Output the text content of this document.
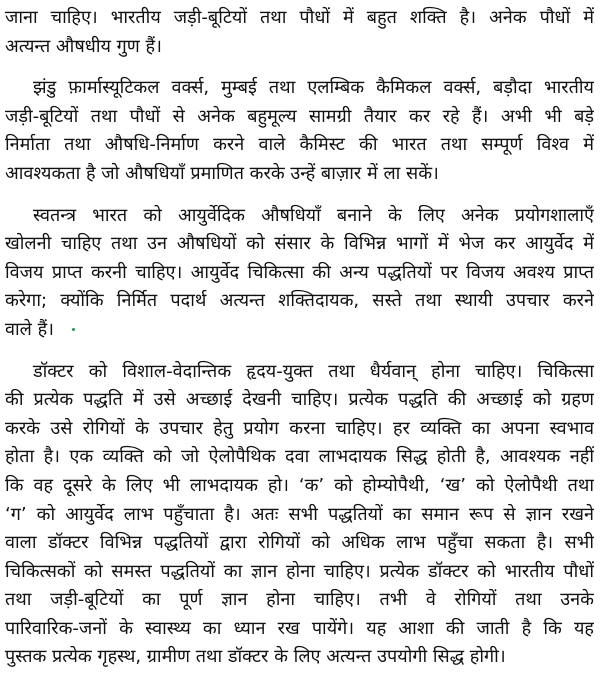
जाना चाहिए। भारतीय जड़ी-बूटियों तथा पौधों में बहुत शक्ति है। अनेक पौधों में
अत्यन्त औषधीय गुण हैं।
झंडु फ़ार्मास्यूटिकल वर्क्स, मुम्बई तथा एलम्बिक कैमिकल वर्क्स, बड़ौदा भारतीय
जड़ी-बूटियों तथा पौधों से अनेक बहुमूल्य सामग्री तैयार कर रहे हैं। अभी भी बड़े
निर्माता तथा औषधि-निर्माण करने वाले कैमिस्ट की भारत तथा सम्पूर्ण विश्व में
आवश्यकता है जो औषधियाँ प्रमाणित करके उन्हें बाज़ार में ला सकें।
स्वतन्त्र भारत को आयुर्वेदिक औषधियाँ बनाने के लिए अनेक प्रयोगशालाएँ
खोलनी चाहिए तथा उन औषधियों को संसार के विभिन्न भागों में भेज कर आयुर्वेद में
विजय प्राप्त करनी चाहिए। आयुर्वेद चिकित्सा की अन्य पद्धतियों पर विजय अवश्य प्राप्त
करेगा; क्योंकि निर्मित पदार्थ अत्यन्त शक्तिदायक, सस्ते तथा स्थायी उपचार करने
वाले हैं।
डॉक्टर को विशाल-वेदान्तिक हृदय-युक्त तथा धैर्यवान् होना चाहिए। चिकित्सा
की प्रत्येक पद्धति में उसे अच्छाई देखनी चाहिए। प्रत्येक पद्धति की अच्छाई को ग्रहण
करके उसे रोगियों के उपचार हेतु प्रयोग करना चाहिए। हर व्यक्ति का अपना स्वभाव
होता है। एक व्यक्ति को जो ऐलोपैथिक दवा लाभदायक सिद्ध होती है, आवश्यक नहीं
कि वह दूसरे के लिए भी लाभदायक हो। ‘क’ को होम्योपैथी, ‘ख’ को ऐलोपैथी तथा
‘ग’ को आयुर्वेद लाभ पहुँचाता है। अतः सभी पद्धतियों का समान रूप से ज्ञान रखने
वाला डॉक्टर विभिन्न पद्धतियों द्वारा रोगियों को अधिक लाभ पहुँचा सकता है। सभी
चिकित्सकों को समस्त पद्धतियों का ज्ञान होना चाहिए। प्रत्येक डॉक्टर को भारतीय पौधों
तथा जड़ी-बूटियों का पूर्ण ज्ञान होना चाहिए। तभी वे रोगियों तथा उनके
पारिवारिक-जनों के स्वास्थ्य का ध्यान रख पायेंगे। यह आशा की जाती है कि यह
पुस्तक प्रत्येक गृहस्थ, ग्रामीण तथा डॉक्टर के लिए अत्यन्त उपयोगी सिद्ध होगी।
